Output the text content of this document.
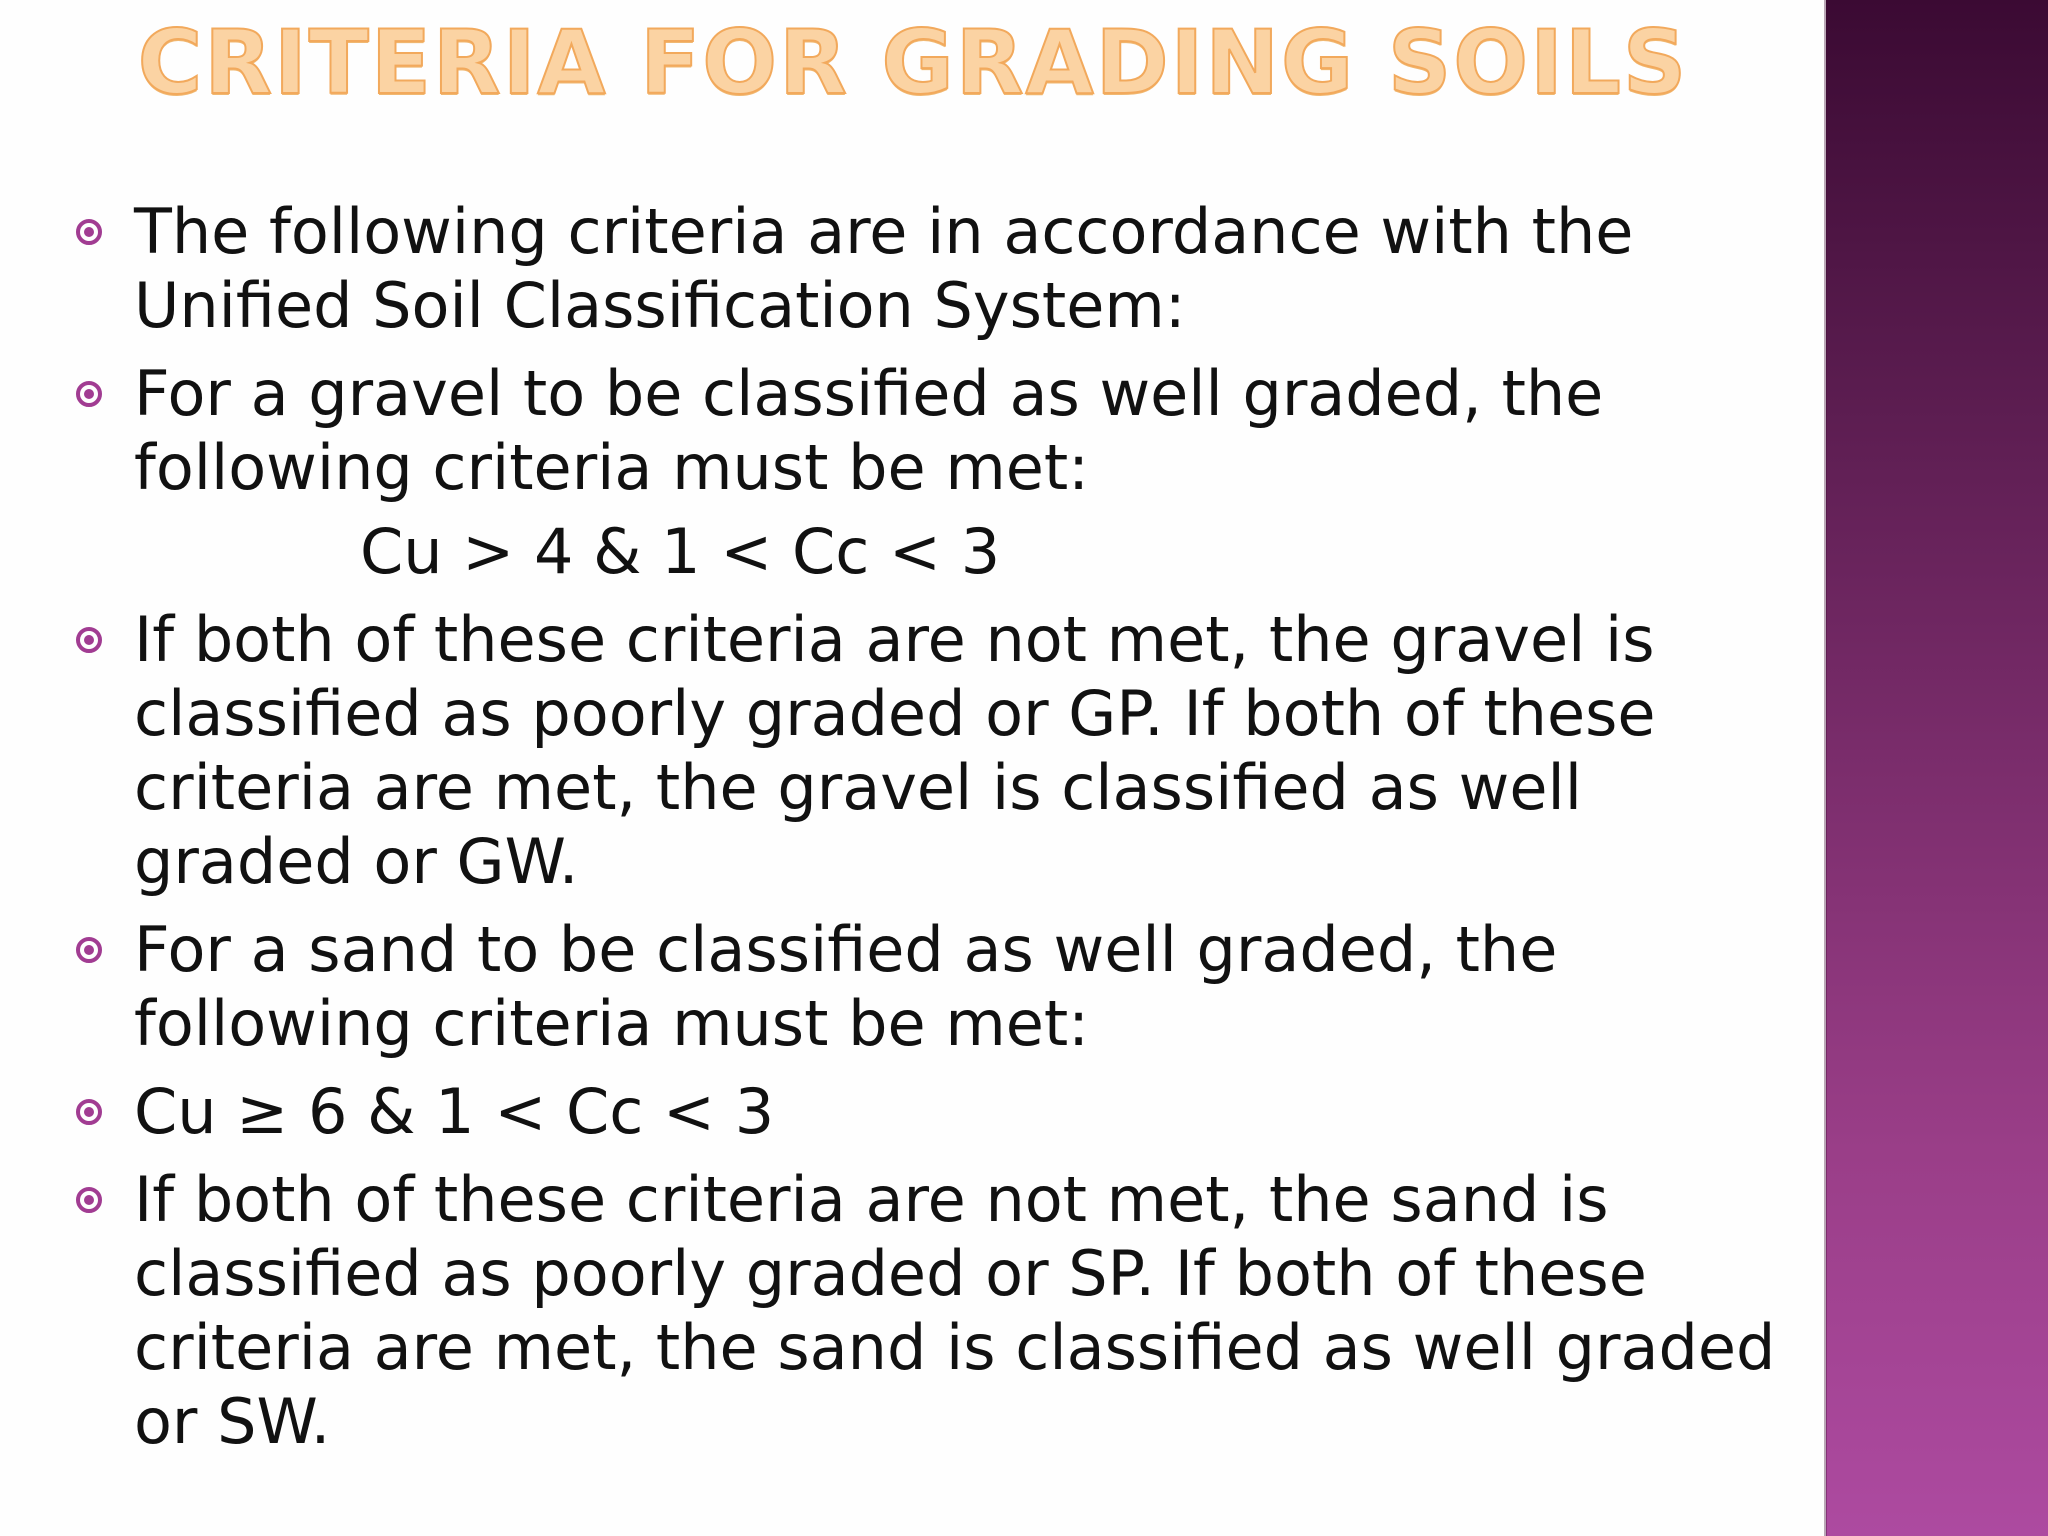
CRITERIA FOR GRADING SOILS
The following criteria are in accordance with the Unified Soil Classification System:
For a gravel to be classified as well graded, the following criteria must be met:
Cu > 4 & 1 < Cc < 3
If both of these criteria are not met, the gravel is classified as poorly graded or GP. If both of these criteria are met, the gravel is classified as well graded or GW.
For a sand to be classified as well graded, the following criteria must be met:
Cu ≥ 6 & 1 < Cc < 3
If both of these criteria are not met, the sand is classified as poorly graded or SP. If both of these criteria are met, the sand is classified as well graded or SW.
